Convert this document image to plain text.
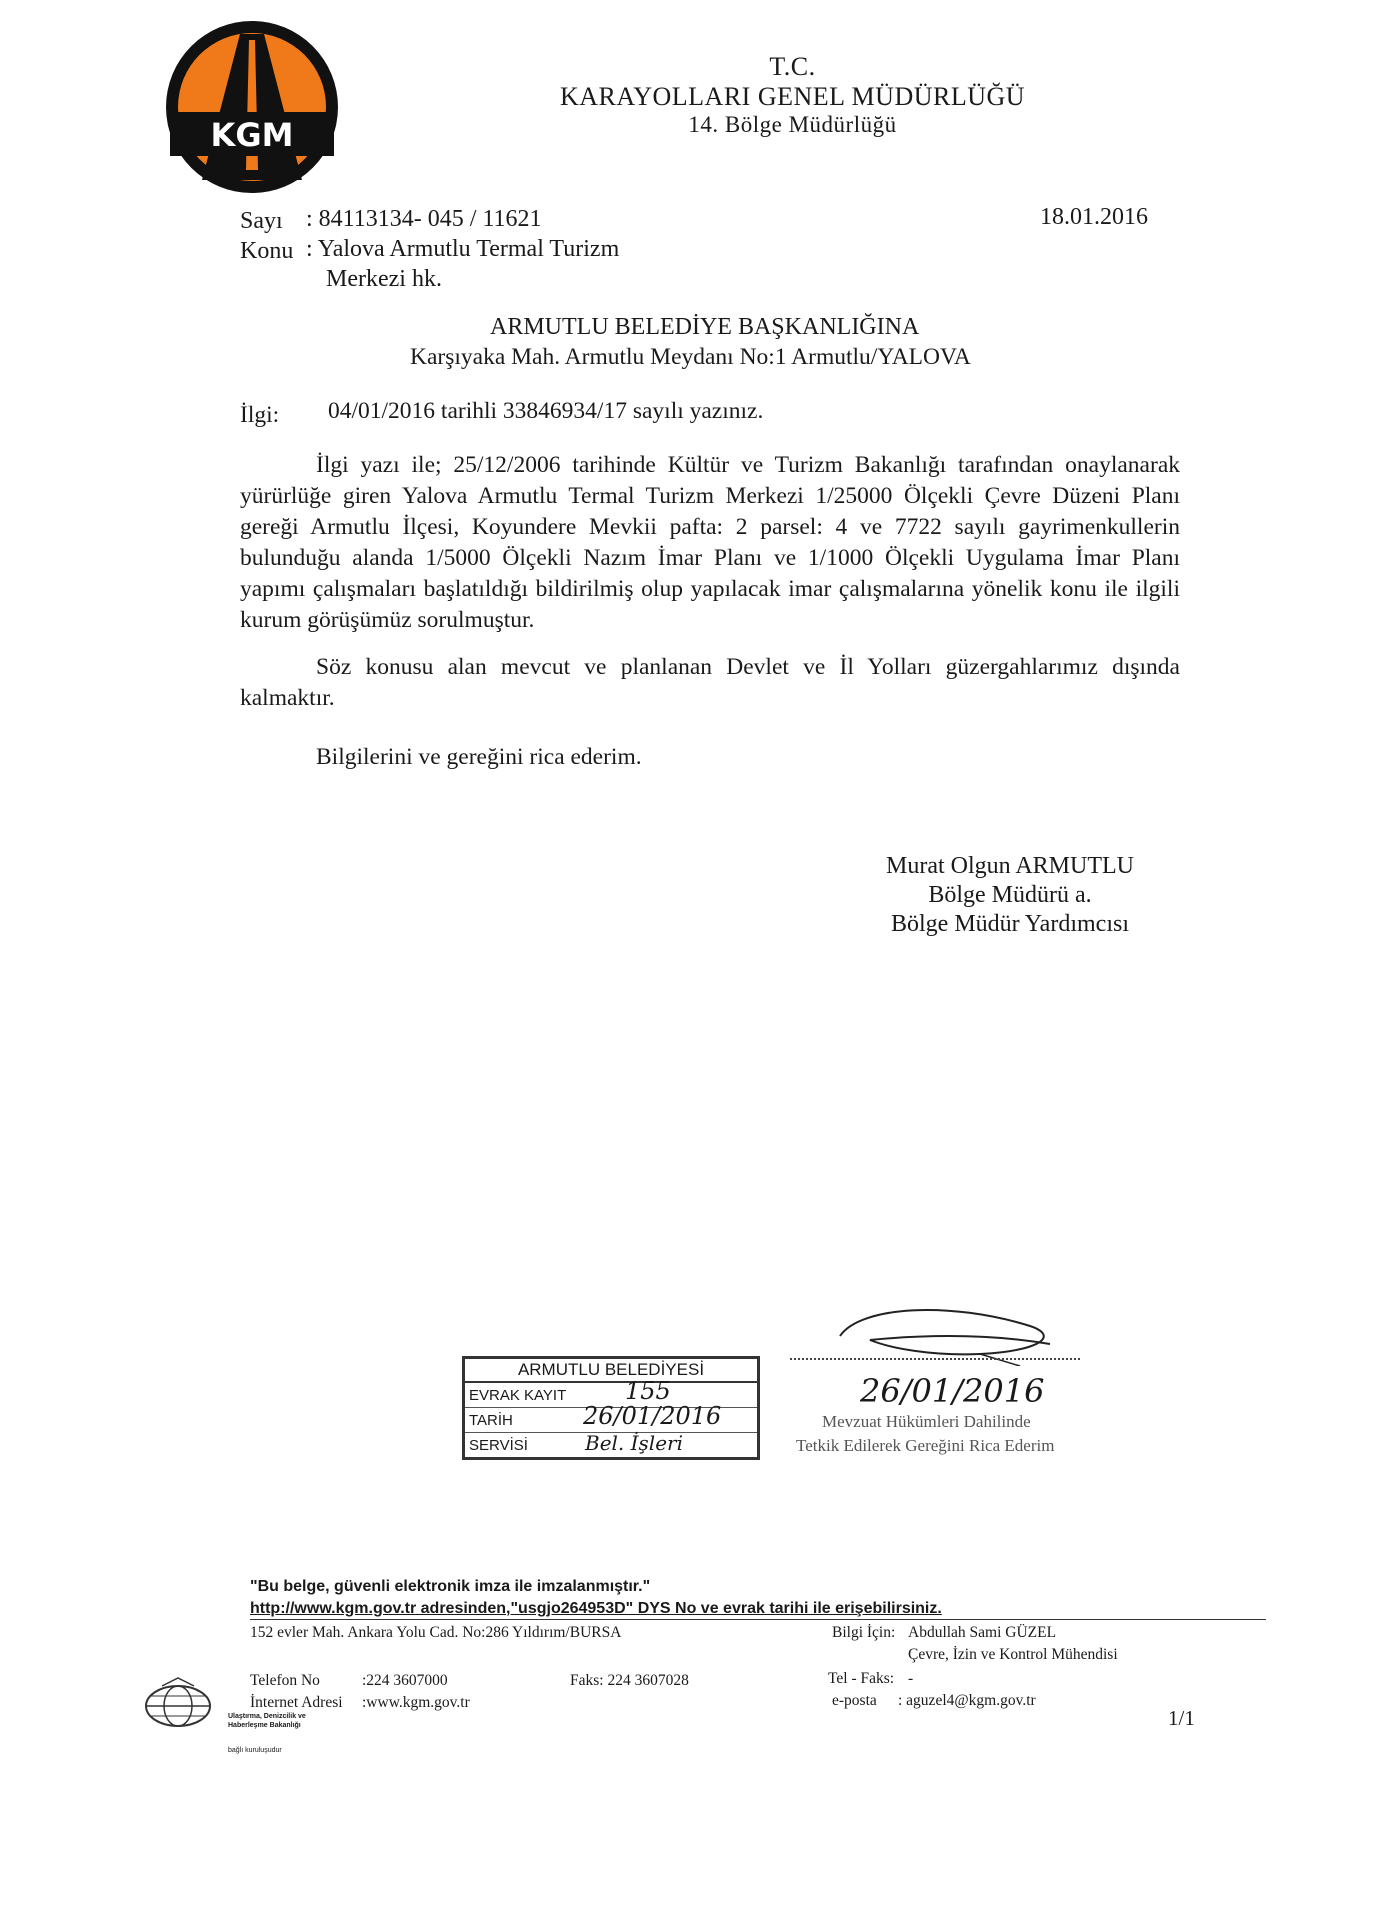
KGM
T.C.
KARAYOLLARI GENEL MÜDÜRLÜĞÜ
14. Bölge Müdürlüğü
Sayı : 84113134- 045 / 11621	18.01.2016
Konu : Yalova Armutlu Termal Turizm
Merkezi hk.
ARMUTLU BELEDİYE BAŞKANLIĞINA
Karşıyaka Mah. Armutlu Meydanı No:1 Armutlu/YALOVA
İlgi: 04/01/2016 tarihli 33846934/17 sayılı yazınız.
İlgi yazı ile; 25/12/2006 tarihinde Kültür ve Turizm Bakanlığı tarafından onaylanarak yürürlüğe giren Yalova Armutlu Termal Turizm Merkezi 1/25000 Ölçekli Çevre Düzeni Planı gereği Armutlu İlçesi, Koyundere Mevkii pafta: 2 parsel: 4 ve 7722 sayılı gayrimenkullerin bulunduğu alanda 1/5000 Ölçekli Nazım İmar Planı ve 1/1000 Ölçekli Uygulama İmar Planı yapımı çalışmaları başlatıldığı bildirilmiş olup yapılacak imar çalışmalarına yönelik konu ile ilgili kurum görüşümüz sorulmuştur.
Söz konusu alan mevcut ve planlanan Devlet ve İl Yolları güzergahlarımız dışında kalmaktır.
Bilgilerini ve gereğini rica ederim.
Murat Olgun ARMUTLU
Bölge Müdürü a.
Bölge Müdür Yardımcısı
ARMUTLU BELEDİYESİ
EVRAK KAYIT 155
TARİH	26/01/2016
SERVİSİ	Bel. İşleri
26/01/2016
Mevzuat Hükümleri Dahilinde
Tetkik Edilerek Gereğini Rica Ederim
"Bu belge, güvenli elektronik imza ile imzalanmıştır."
http://www.kgm.gov.tr adresinden,"usgjo264953D" DYS No ve evrak tarihi ile erişebilirsiniz.
152 evler Mah. Ankara Yolu Cad. No:286 Yıldırım/BURSA	Bilgi İçin: Abdullah Sami GÜZEL
Çevre, İzin ve Kontrol Mühendisi
Telefon No	:224 3607000	Faks: 224 3607028	Tel - Faks: -
İnternet Adresi :www.kgm.gov.tr	e-posta : aguzel4@kgm.gov.tr
1/1
Ulaştırma, Denizcilik ve
Haberleşme Bakanlığı
bağlı kuruluşudur
